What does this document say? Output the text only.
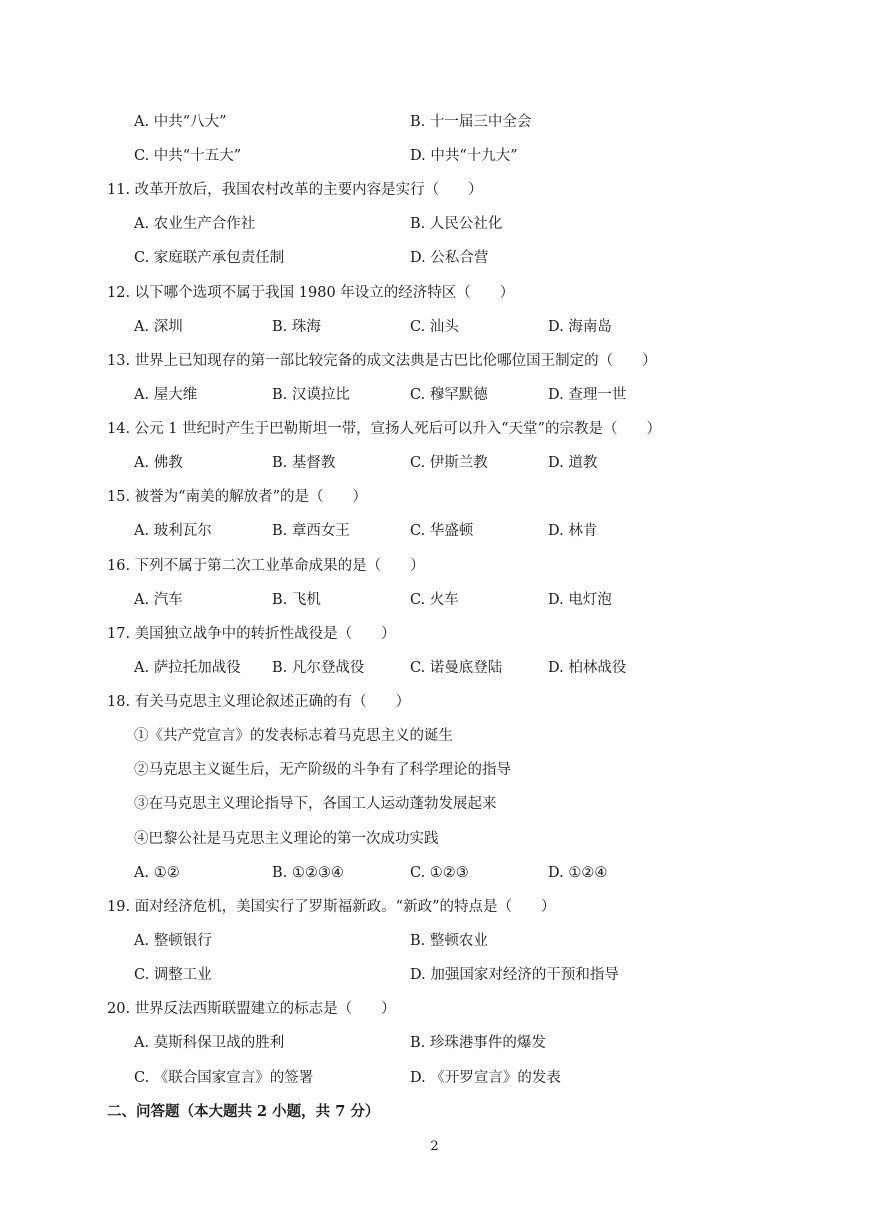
A. 中共“八大”	B. 十一届三中全会
C. 中共“十五大”	D. 中共“十九大”
11. 改革开放后，我国农村改革的主要内容是实行（　　）
A. 农业生产合作社	B. 人民公社化
C. 家庭联产承包责任制	D. 公私合营
12. 以下哪个选项不属于我国 1980 年设立的经济特区（　　）
A. 深圳	B. 珠海	C. 汕头	D. 海南岛
13. 世界上已知现存的第一部比较完备的成文法典是古巴比伦哪位国王制定的（　　）
A. 屋大维	B. 汉谟拉比	C. 穆罕默德	D. 查理一世
14. 公元 1 世纪时产生于巴勒斯坦一带，宣扬人死后可以升入“天堂”的宗教是（　　）
A. 佛教	B. 基督教	C. 伊斯兰教	D. 道教
15. 被誉为“南美的解放者”的是（　　）
A. 玻利瓦尔	B. 章西女王	C. 华盛顿	D. 林肯
16. 下列不属于第二次工业革命成果的是（　　）
A. 汽车	B. 飞机	C. 火车	D. 电灯泡
17. 美国独立战争中的转折性战役是（　　）
A. 萨拉托加战役 B. 凡尔登战役	C. 诺曼底登陆	D. 柏林战役
18. 有关马克思主义理论叙述正确的有（　　）
①《共产党宣言》的发表标志着马克思主义的诞生
②马克思主义诞生后，无产阶级的斗争有了科学理论的指导
③在马克思主义理论指导下，各国工人运动蓬勃发展起来
④巴黎公社是马克思主义理论的第一次成功实践
A. ①②	B. ①②③④	C. ①②③	D. ①②④
19. 面对经济危机，美国实行了罗斯福新政。“新政”的特点是（　　）
A. 整顿银行	B. 整顿农业
C. 调整工业	D. 加强国家对经济的干预和指导
20. 世界反法西斯联盟建立的标志是（　　）
A. 莫斯科保卫战的胜利	B. 珍珠港事件的爆发
C. 《联合国家宣言》的签署	D. 《开罗宣言》的发表
二、问答题（本大题共 2 小题，共 7 分）
2
